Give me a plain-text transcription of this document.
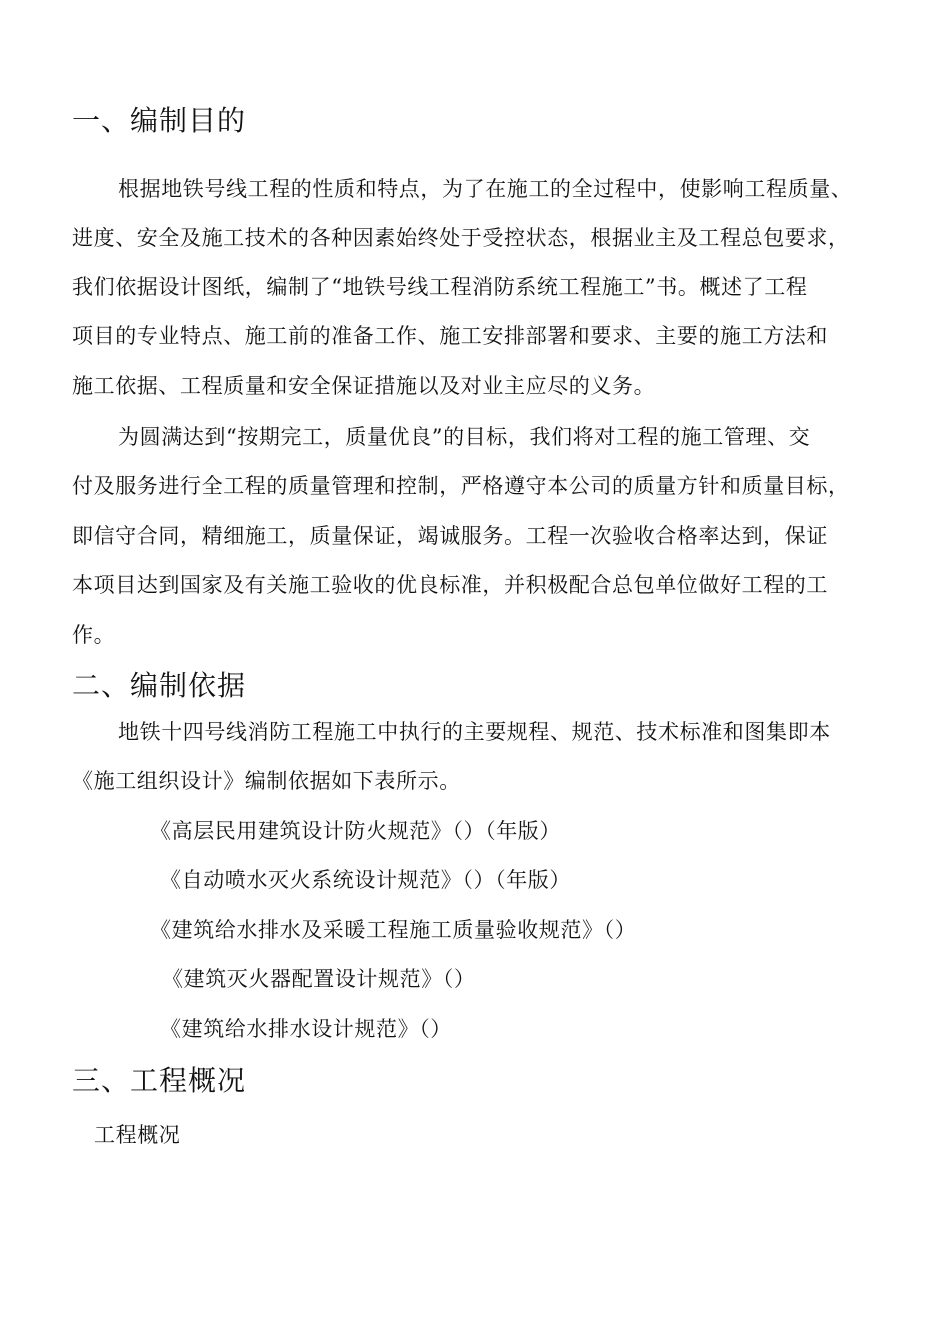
一、编制目的
根据地铁号线工程的性质和特点，为了在施工的全过程中，使影响工程质量、
进度、安全及施工技术的各种因素始终处于受控状态，根据业主及工程总包要求，
我们依据设计图纸，编制了“地铁号线工程消防系统工程施工”书。概述了工程
项目的专业特点、施工前的准备工作、施工安排部署和要求、主要的施工方法和
施工依据、工程质量和安全保证措施以及对业主应尽的义务。
为圆满达到“按期完工，质量优良”的目标，我们将对工程的施工管理、交
付及服务进行全工程的质量管理和控制，严格遵守本公司的质量方针和质量目标，
即信守合同，精细施工，质量保证，竭诚服务。工程一次验收合格率达到，保证
本项目达到国家及有关施工验收的优良标准，并积极配合总包单位做好工程的工
作。
二、编制依据
地铁十四号线消防工程施工中执行的主要规程、规范、技术标准和图集即本
《施工组织设计》编制依据如下表所示。
《高层民用建筑设计防火规范》（）（年版）
《自动喷水灭火系统设计规范》（）（年版）
《建筑给水排水及采暖工程施工质量验收规范》（）
《建筑灭火器配置设计规范》（）
《建筑给水排水设计规范》（）
三、工程概况
工程概况
